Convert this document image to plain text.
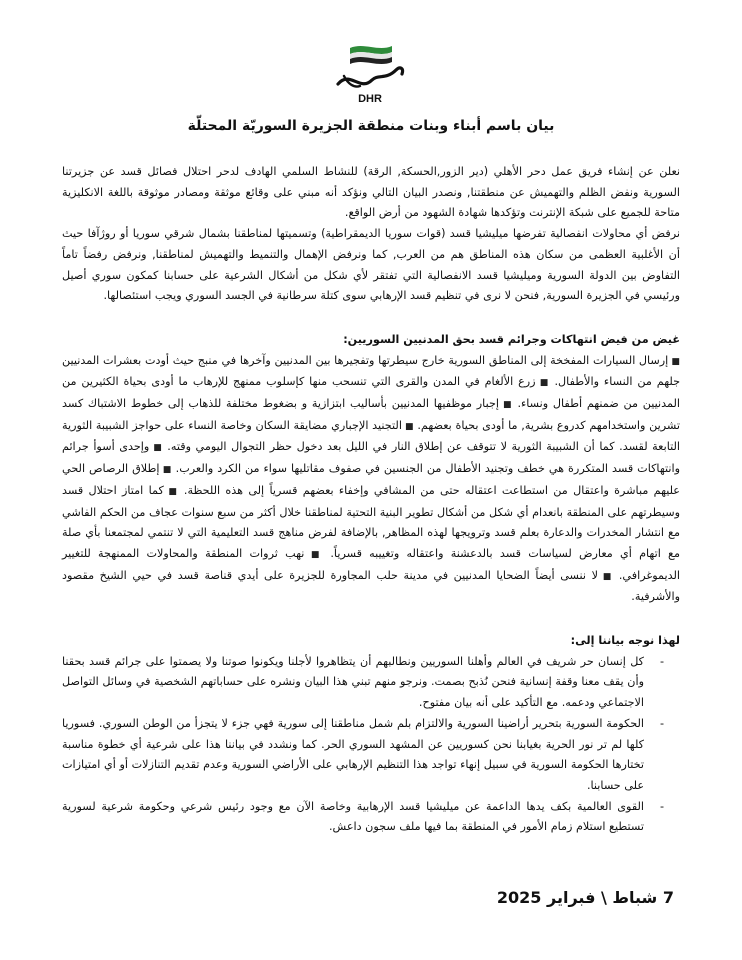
DHR
بيان باسم أبناء وبنات منطقة الجزيرة السوريّة المحتلّة

نعلن عن إنشاء فريق عمل دحر الأهلي (دير الزور,الحسكة, الرقة) للنشاط السلمي الهادف لدحر احتلال فصائل قسد عن جزيرتنا السورية ونفض الظلم والتهميش عن منطقتنا, ونصدر البيان التالي ونؤكد أنه مبني على وقائع موثقة ومصادر موثوقة باللغة الانكليزية متاحة للجميع على شبكة الإنترنت وتؤكدها شهادة الشهود من أرض الواقع.

نرفض أي محاولات انفصالية تفرضها ميليشيا قسد (قوات سوريا الديمقراطية) وتسميتها لمناطقنا بشمال شرقي سوريا أو روژآفا حيث أن الأغلبية العظمى من سكان هذه المناطق هم من العرب, كما ونرفض الإهمال والتنميط والتهميش لمناطقنا, ونرفض رفضاً تاماً التفاوض بين الدولة السورية وميليشيا قسد الانفصالية التي تفتقر لأي شكل من أشكال الشرعية على حسابنا كمكون سوري أصيل ورئيسي في الجزيرة السورية, فنحن لا نرى في تنظيم قسد الإرهابي سوى كتلة سرطانية في الجسد السوري ويجب استئصالها.

غيض من فيض انتهاكات وجرائم قسد بحق المدنيين السوريين:

■ إرسال السيارات المفخخة إلى المناطق السورية خارج سيطرتها وتفجيرها بين المدنيين وآخرها في منبج حيث أودت بعشرات المدنيين جلهم من النساء والأطفال. ■ زرع الألغام في المدن والقرى التي تنسحب منها كإسلوب ممنهج للإرهاب ما أودى بحياة الكثيرين من المدنيين من ضمنهم أطفال ونساء. ■ إجبار موظفيها المدنيين بأساليب ابتزازية و بضغوط مختلفة للذهاب إلى خطوط الاشتباك كسد تشرين واستخدامهم كدروع بشرية, ما أودى بحياة بعضهم. ■ التجنيد الإجباري مضايقة السكان وخاصة النساء على حواجز الشبيبة الثورية التابعة لقسد. كما أن الشبيبة الثورية لا تتوقف عن إطلاق النار في الليل بعد دخول حظر التجوال اليومي وقته. ■ وإحدى أسوأ جرائم وانتهاكات قسد المتكررة هي خطف وتجنيد الأطفال من الجنسين في صفوف مقاتليها سواء من الكرد والعرب. ■ إطلاق الرصاص الحي عليهم مباشرة واعتقال من استطاعت اعتقاله حتى من المشافي وإخفاء بعضهم قسرياً إلى هذه اللحظة. ■ كما امتاز احتلال قسد وسيطرتهم على المنطقة بانعدام أي شكل من أشكال تطوير البنية التحتية لمناطقنا خلال أكثر من سبع سنوات عجاف من الحكم الفاشي مع انتشار المخدرات والدعارة بعلم قسد وترويجها لهذه المظاهر, بالإضافة لفرض مناهج قسد التعليمية التي لا تنتمي لمجتمعنا بأي صلة مع اتهام أي معارض لسياسات قسد بالدعشنة واعتقاله وتغييبه قسرياً. ■ نهب ثروات المنطقة والمحاولات الممنهجة للتغيير الديموغرافي. ■ لا ننسى أيضاً الضحايا المدنيين في مدينة حلب المجاورة للجزيرة على أيدي قناصة قسد في حيي الشيخ مقصود والأشرفية.

لهذا نوجه بياننا إلى:

- كل إنسان حر شريف في العالم وأهلنا السوريين ونطالبهم أن يتظاهروا لأجلنا ويكونوا صوتنا ولا يصمتوا على جرائم قسد بحقنا وأن يقف معنا وقفة إنسانية فنحن نُذبح بصمت. ونرجو منهم تبني هذا البيان ونشره على حساباتهم الشخصية في وسائل التواصل الاجتماعي ودعمه. مع التأكيد على أنه بيان مفتوح.
- الحكومة السورية بتحرير أراضينا السورية والالتزام بلم شمل مناطقنا إلى سورية فهي جزء لا يتجزأ من الوطن السوري. فسوريا كلها لم تر نور الحرية بغيابنا نحن كسوريين عن المشهد السوري الحر. كما ونشدد في بياننا هذا على شرعية أي خطوة مناسبة تختارها الحكومة السورية في سبيل إنهاء تواجد هذا التنظيم الإرهابي على الأراضي السورية وعدم تقديم التنازلات أو أي امتيازات على حسابنا.
- القوى العالمية بكف يدها الداعمة عن ميليشيا قسد الإرهابية وخاصة الآن مع وجود رئيس شرعي وحكومة شرعية لسورية تستطيع استلام زمام الأمور في المنطقة بما فيها ملف سجون داعش.
7 شباط \ فبراير 2025
